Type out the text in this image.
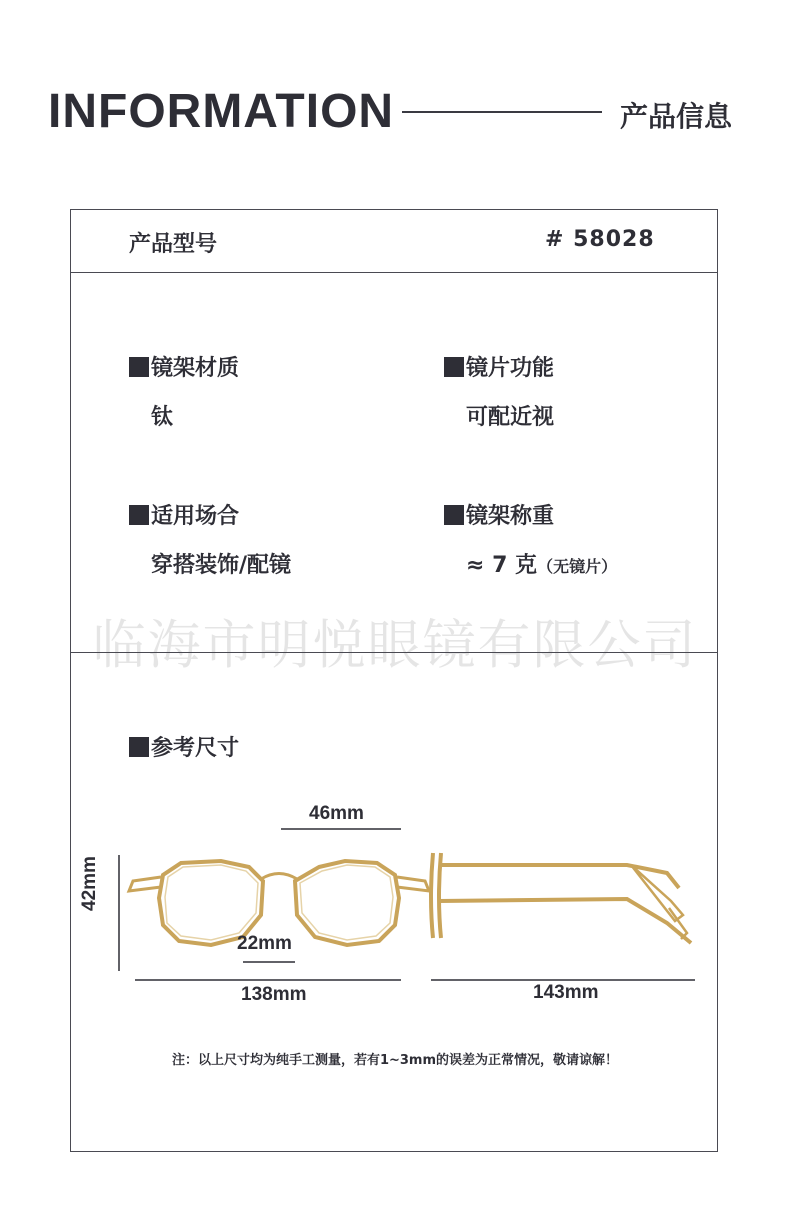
INFORMATION	产品信息
产品型号	# 58028
镜架材质
钛
镜片功能
可配近视
适用场合
穿搭装饰/配镜
镜架称重
≈ 7 克（无镜片）
临海市明悦眼镜有限公司
参考尺寸
46mm
42mm
22mm
138mm	143mm
注：以上尺寸均为纯手工测量，若有1~3mm的误差为正常情况，敬请谅解！
